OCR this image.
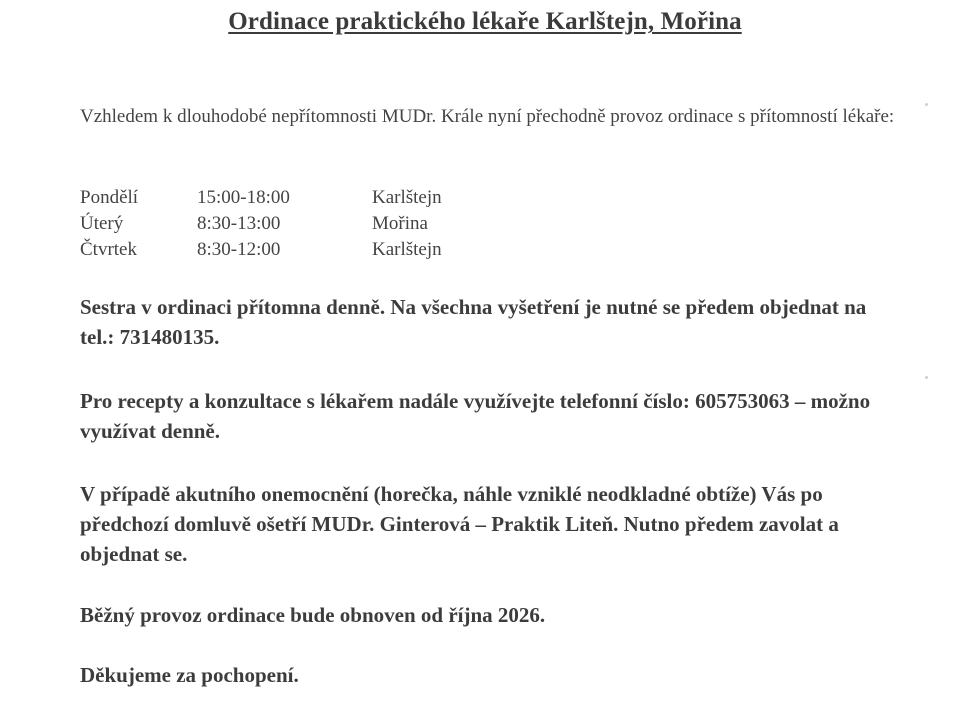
Ordinace praktického lékaře Karlštejn, Mořina
Vzhledem k dlouhodobé nepřítomnosti MUDr. Krále nyní přechodně provoz ordinace s přítomností lékaře:
Pondělí	15:00-18:00	Karlštejn
Úterý	8:30-13:00	Mořina
Čtvrtek	8:30-12:00	Karlštejn
Sestra v ordinaci přítomna denně. Na všechna vyšetření je nutné se předem objednat na tel.: 731480135.
Pro recepty a konzultace s lékařem nadále využívejte telefonní číslo: 605753063 – možno využívat denně.
V případě akutního onemocnění (horečka, náhle vzniklé neodkladné obtíže) Vás po předchozí domluvě ošetří MUDr. Ginterová – Praktik Liteň. Nutno předem zavolat a objednat se.
Běžný provoz ordinace bude obnoven od října 2026.
Děkujeme za pochopení.
